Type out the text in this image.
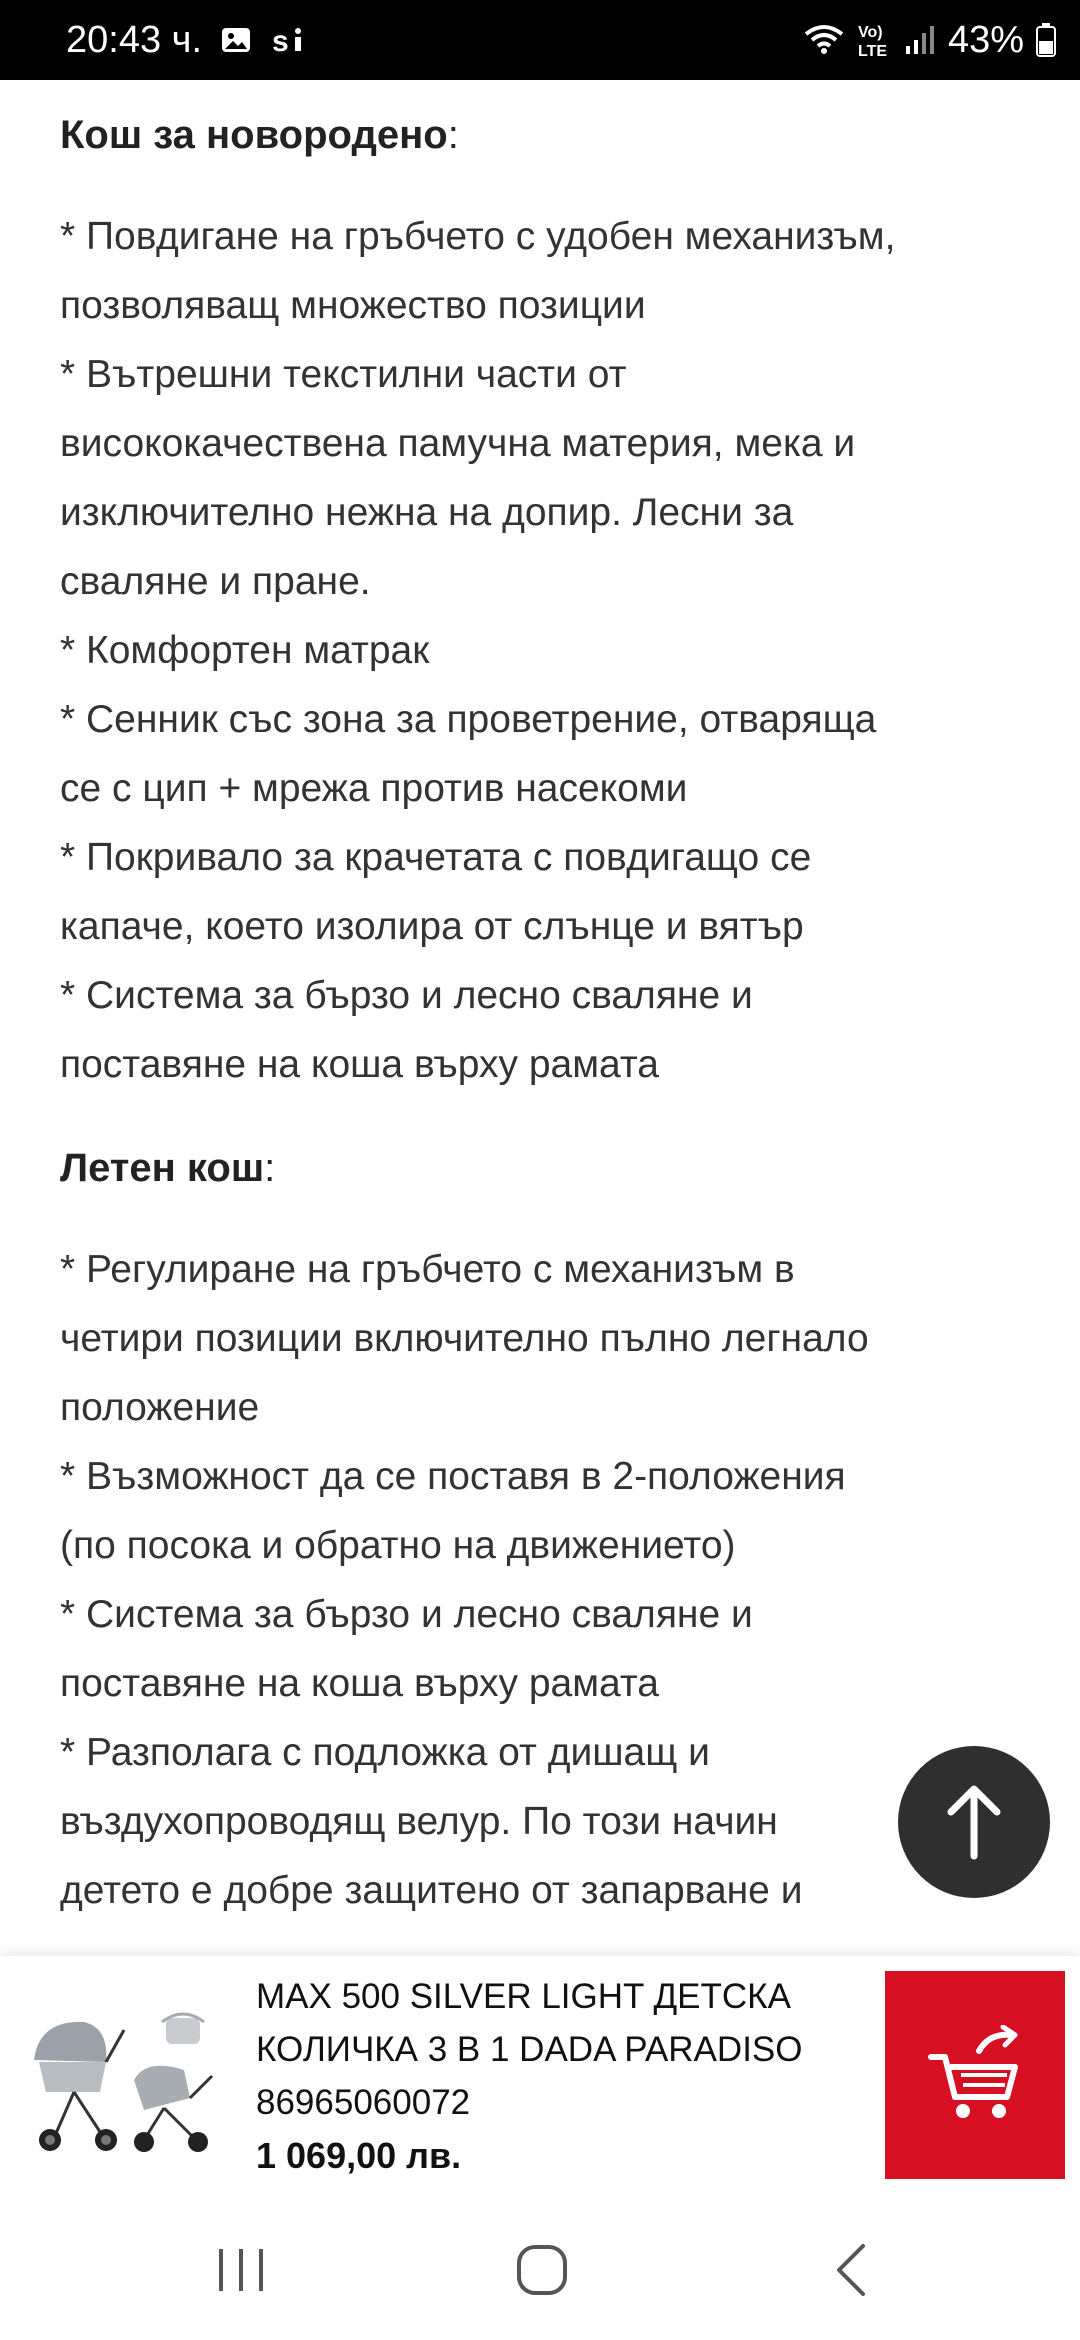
20:43 ч. s	Vo)
LTE 43%

Кош за новородено:

* Повдигане на гръбчето с удобен механизъм,
позволяващ множество позиции
* Вътрешни текстилни части от
висококачествена памучна материя, мека и
изключително нежна на допир. Лесни за
сваляне и пране.
* Комфортен матрак
* Сенник със зона за проветрение, отваряща
се с цип + мрежа против насекоми
* Покривало за крачетата с повдигащо се
капаче, което изолира от слънце и вятър
* Система за бързо и лесно сваляне и
поставяне на коша върху рамата

Летен кош:

* Регулиране на гръбчето с механизъм в
четири позиции включително пълно легнало
положение
* Възможност да се поставя в 2-положения
(по посока и обратно на движението)
* Система за бързо и лесно сваляне и
поставяне на коша върху рамата
* Разполага с подложка от дишащ и
въздухопроводящ велур. По този начин
детето е добре защитено от запарване и

MAX 500 SILVER LIGHT ДЕТСКА

КОЛИЧКА 3 В 1 DADA PARADISO

86965060072

1 069,00 лв.
